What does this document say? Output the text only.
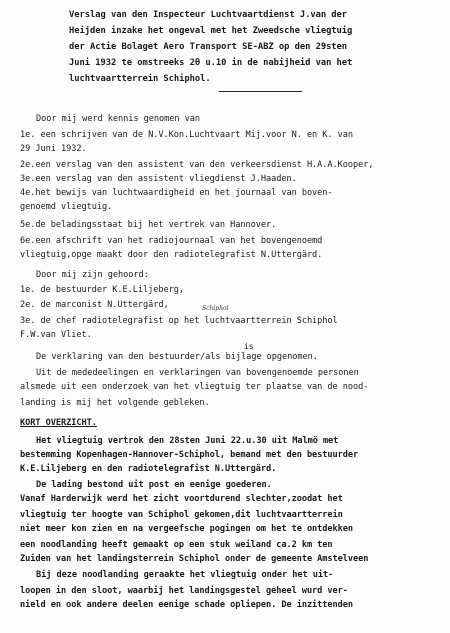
Verslag van den Inspecteur Luchtvaartdienst J.van der
Heijden inzake het ongeval met het Zweedsche vliegtuig
der Actie Bolaget Aero Transport SE-ABZ op den 29sten
Juni 1932 te omstreeks 2θ u.10 in de nabijheid van het
luchtvaartterrein Schiphol.
Door mij werd kennis genomen van
1e. een schrijven van de N.V.Kon.Luchtvaart Mij.voor N. en K. van
29 Juni 1932.
2e.een verslag van den assistent van den verkeersdienst H.A.A.Kooper,
3e.een verslag van den assistent vliegdienst J.Haaden.
4e.het bewijs van luchtwaardigheid en het journaal van boven-
genoemd vliegtuig.
5e.de beladingsstaat bij het vertrek van Hannover.
6e.een afschrift van het radiojournaal van het bovengenoemd
vliegtuig,opge maakt door den radiotelegrafist N.Uttergärd.
Door mij zijn gehoord:
1e. de bestuurder K.E.Liljeberg,
2e. de marconist N.Uttergärd,
3e. de chef radiotelegrafist op het luchtvaartterrein Schiphol
Schiphol
F.W.van Vliet.
is
De verklaring van den bestuurder/als bijlage opgenomen.
Uit de mededeelingen en verklaringen van bovengenoemde personen
alsmede uit een onderzoek van het vliegtuig ter plaatse van de nood-
landing is mij het volgende gebleken.
KORT OVERZICHT.
Het vliegtuig vertrok den 28sten Juni 22.u.30 uit Malmö met
bestemming Kopenhagen-Hannover-Schiphol, bemand met den bestuurder
K.E.Liljeberg en den radiotelegrafist N.Uttergärd.
De lading bestond uit post en eenige goederen.
Vanaf Harderwijk werd het zicht voortdurend slechter,zoodat het
vliegtuig ter hoogte van Schiphol gekomen,dit luchtvaartterrein
niet meer kon zien en na vergeefsche pogingen om het te ontdekken
een noodlanding heeft gemaakt op een stuk weiland ca.2 km ten
Zuiden van het landingsterrein Schiphol onder de gemeente Amstelveen
Bij deze noodlanding geraakte het vliegtuig onder het uit-
loopen in den sloot, waarbij het landingsgestel geheel wurd ver-
nield en ook andere deelen eenige schade opliepen. De inzittenden
